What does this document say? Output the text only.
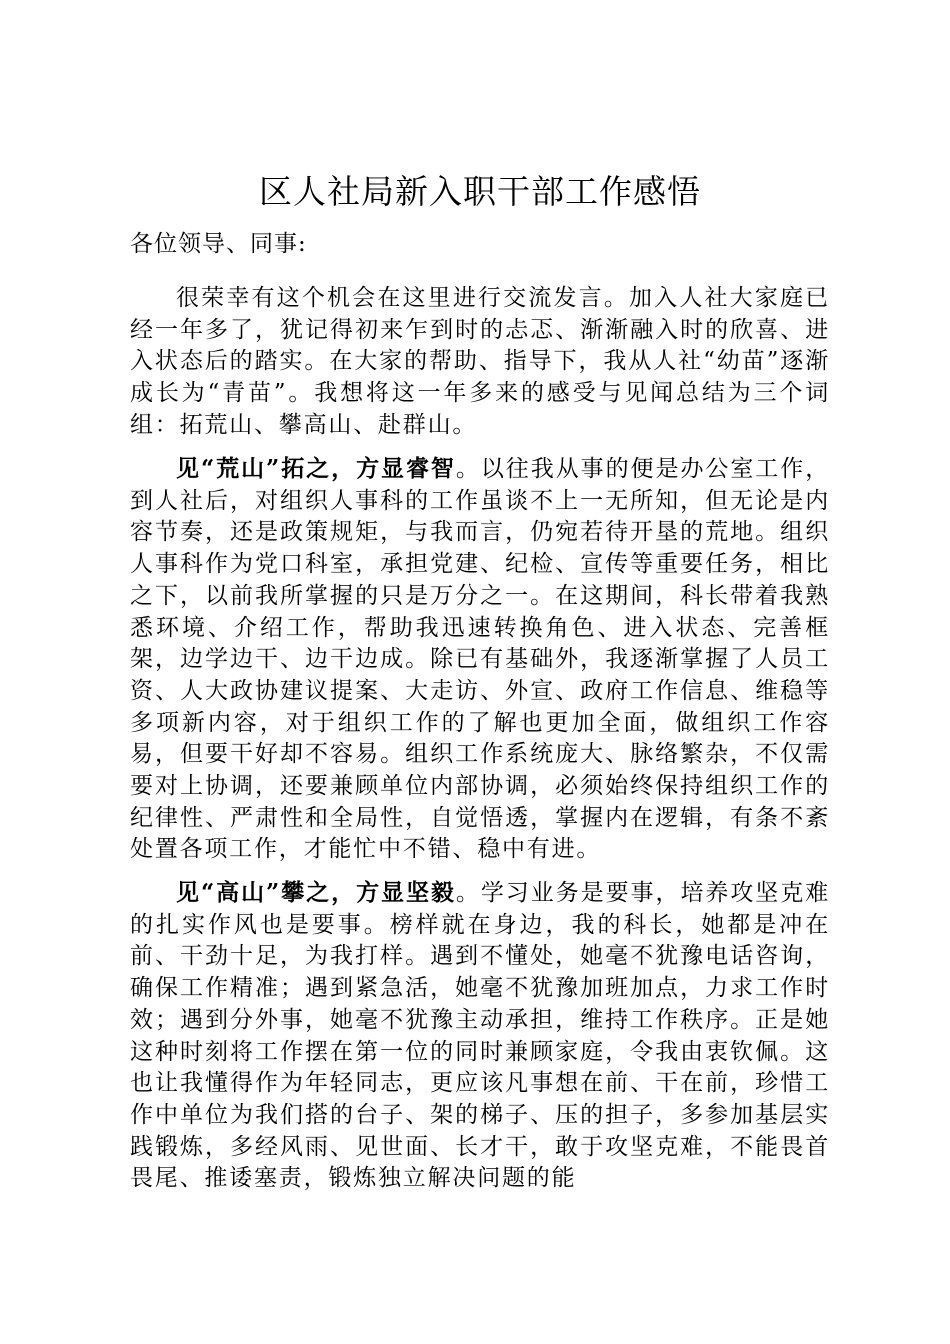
区人社局新入职干部工作感悟
各位领导、同事:

很荣幸有这个机会在这里进行交流发言。加入人社大家庭已经一年多了，犹记得初来乍到时的忐忑、渐渐融入时的欣喜、进入状态后的踏实。在大家的帮助、指导下，我从人社“幼苗”逐渐成长为“青苗”。我想将这一年多来的感受与见闻总结为三个词组：拓荒山、攀高山、赴群山。

见“荒山”拓之，方显睿智。以往我从事的便是办公室工作，到人社后，对组织人事科的工作虽谈不上一无所知，但无论是内容节奏，还是政策规矩，与我而言，仍宛若待开垦的荒地。组织人事科作为党口科室，承担党建、纪检、宣传等重要任务，相比之下，以前我所掌握的只是万分之一。在这期间，科长带着我熟悉环境、介绍工作，帮助我迅速转换角色、进入状态、完善框架，边学边干、边干边成。除已有基础外，我逐渐掌握了人员工资、人大政协建议提案、大走访、外宣、政府工作信息、维稳等多项新内容，对于组织工作的了解也更加全面，做组织工作容易，但要干好却不容易。组织工作系统庞大、脉络繁杂，不仅需要对上协调，还要兼顾单位内部协调，必须始终保持组织工作的纪律性、严肃性和全局性，自觉悟透，掌握内在逻辑，有条不紊处置各项工作，才能忙中不错、稳中有进。

见“高山”攀之，方显坚毅。学习业务是要事，培养攻坚克难的扎实作风也是要事。榜样就在身边，我的科长，她都是冲在前、干劲十足，为我打样。遇到不懂处，她毫不犹豫电话咨询，确保工作精准；遇到紧急活，她毫不犹豫加班加点，力求工作时效；遇到分外事，她毫不犹豫主动承担，维持工作秩序。正是她这种时刻将工作摆在第一位的同时兼顾家庭，令我由衷钦佩。这也让我懂得作为年轻同志，更应该凡事想在前、干在前，珍惜工作中单位为我们搭的台子、架的梯子、压的担子，多参加基层实践锻炼，多经风雨、见世面、长才干，敢于攻坚克难，不能畏首畏尾、推诿塞责，锻炼独立解决问题的能
